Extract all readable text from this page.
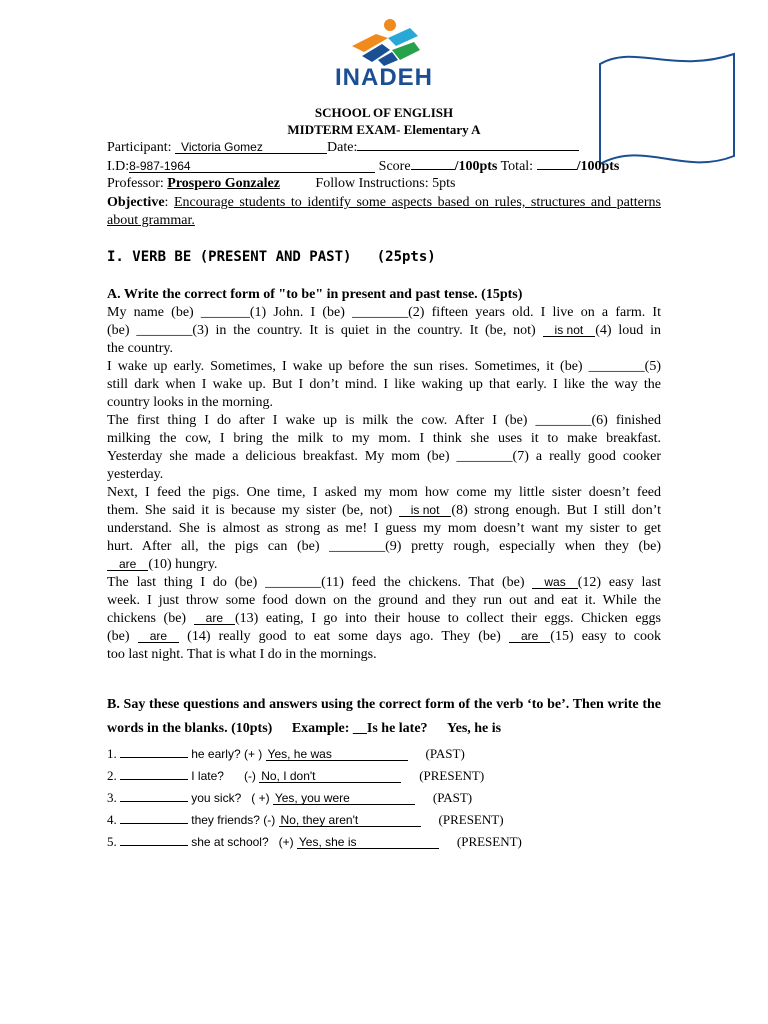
INADEH
SCHOOL OF ENGLISH
MIDTERM EXAM- Elementary A
Participant: Victoria Gomez	Date:
I.D:8-987-1964	Score	/100pts Total:	/100pts
Professor: Prospero Gonzalez	Follow Instructions: 5pts
Objective: Encourage students to identify some aspects based on rules, structures and patterns
about grammar.
I. VERB BE (PRESENT AND PAST)   (25pts)
A. Write the correct form of "to be" in present and past tense. (15pts)
My name (be) _______(1) John. I (be) ________(2) fifteen years old. I live on a farm. It
(be) ________(3) in the country. It is quiet in the country. It (be, not) is not (4) loud in
the country.
I wake up early. Sometimes, I wake up before the sun rises. Sometimes, it (be) ________(5)
still dark when I wake up. But I don’t mind. I like waking up that early. I like the way the
country looks in the morning.
The first thing I do after I wake up is milk the cow. After I (be) ________(6) finished
milking the cow, I bring the milk to my mom. I think she uses it to make breakfast.
Yesterday she made a delicious breakfast. My mom (be) ________(7) a really good cooker
yesterday.
Next, I feed the pigs. One time, I asked my mom how come my little sister doesn’t feed
them. She said it is because my sister (be, not) is not (8) strong enough. But I still don’t
understand. She is almost as strong as me! I guess my mom doesn’t want my sister to get
hurt. After all, the pigs can (be) ________(9) pretty rough, especially when they (be)
are (10) hungry.
The last thing I do (be) ________(11) feed the chickens. That (be) was (12) easy last
week. I just throw some food down on the ground and they run out and eat it. While the
chickens (be) are (13) eating, I go into their house to collect their eggs. Chicken eggs
(be) are (14) really good to eat some days ago. They (be) are (15) easy to cook
too last night. That is what I do in the mornings.
B. Say these questions and answers using the correct form of the verb ‘to be’. Then write the
words in the blanks. (10pts) Example: __Is he late? Yes, he is
1.	he early? (+ ) Yes, he was	(PAST)
2.	I late?      (-) No, I don't	(PRESENT)
3.	you sick?   ( +) Yes, you were	(PAST)
4.	they friends? (-) No, they aren't	(PRESENT)
5.	she at school?   (+) Yes, she is	(PRESENT)
